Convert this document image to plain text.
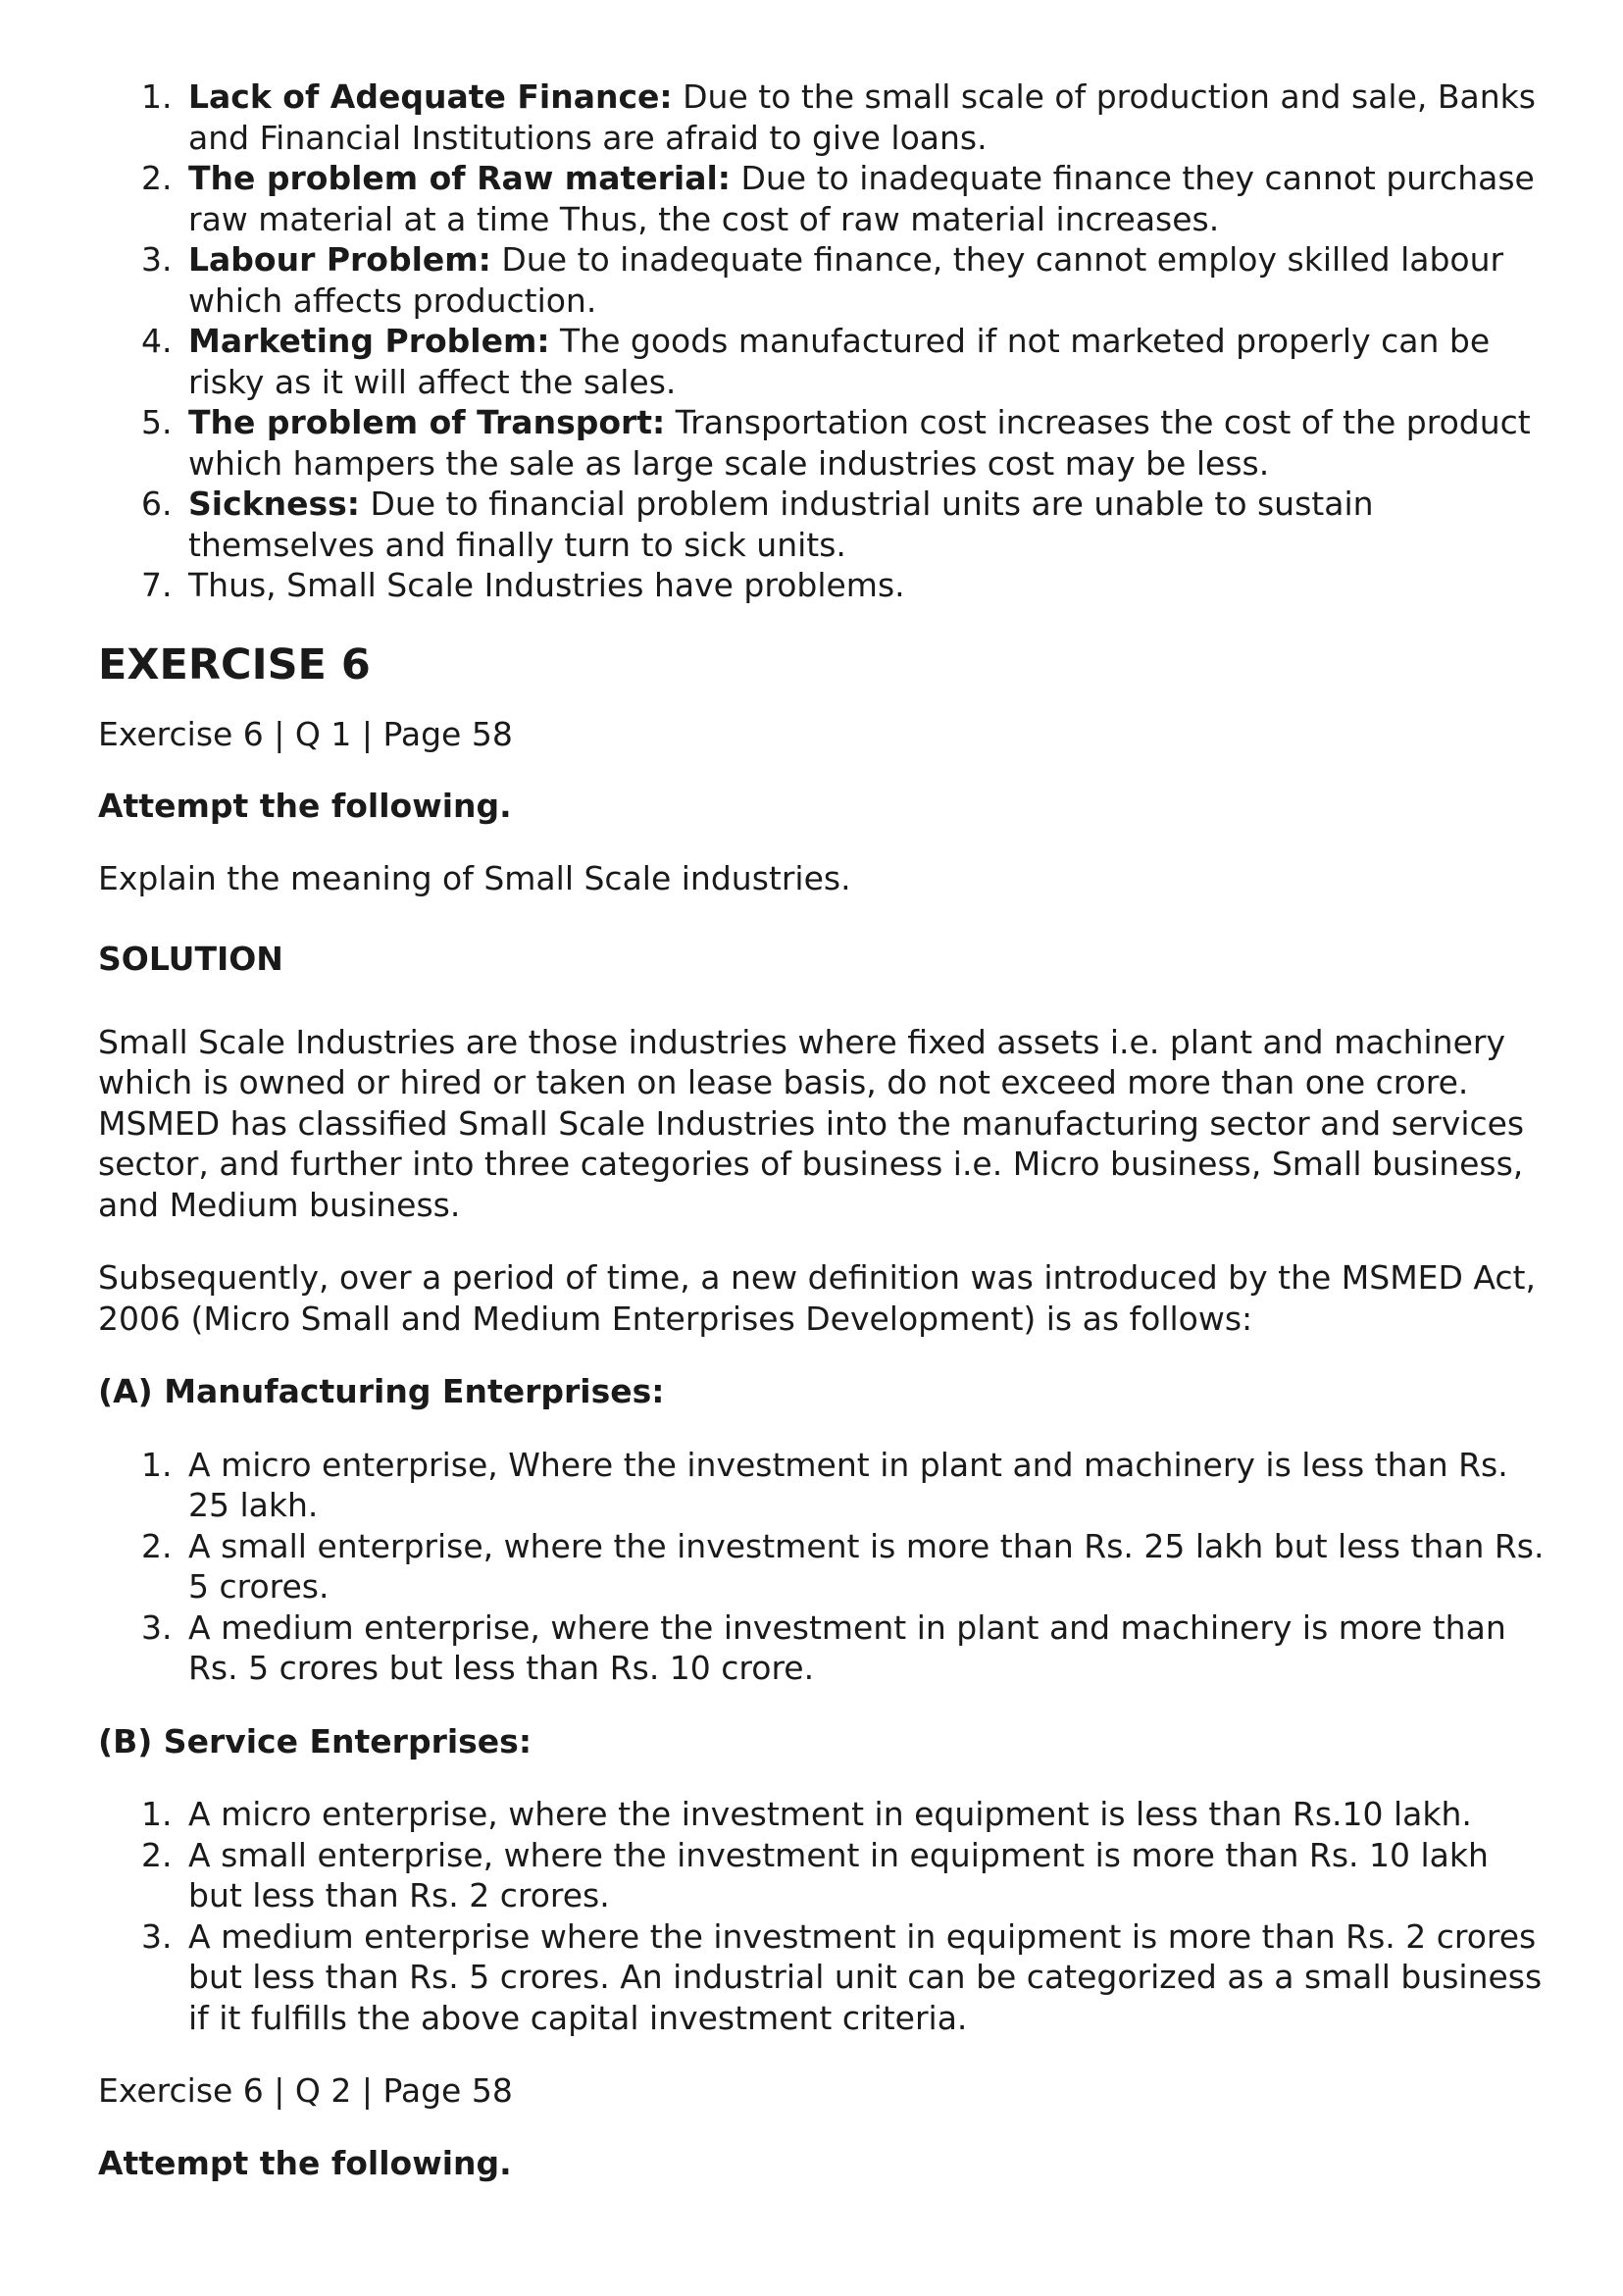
1. Lack of Adequate Finance: Due to the small scale of production and sale, Banks and Financial Institutions are afraid to give loans.
2. The problem of Raw material: Due to inadequate finance they cannot purchase raw material at a time Thus, the cost of raw material increases.
3. Labour Problem: Due to inadequate finance, they cannot employ skilled labour which affects production.
4. Marketing Problem: The goods manufactured if not marketed properly can be risky as it will affect the sales.
5. The problem of Transport: Transportation cost increases the cost of the product which hampers the sale as large scale industries cost may be less.
6. Sickness: Due to financial problem industrial units are unable to sustain themselves and finally turn to sick units.
7. Thus, Small Scale Industries have problems.
EXERCISE 6

Exercise 6 | Q 1 | Page 58

Attempt the following.

Explain the meaning of Small Scale industries.

SOLUTION

Small Scale Industries are those industries where fixed assets i.e. plant and machinery which is owned or hired or taken on lease basis, do not exceed more than one crore. MSMED has classified Small Scale Industries into the manufacturing sector and services sector, and further into three categories of business i.e. Micro business, Small business, and Medium business.

Subsequently, over a period of time, a new definition was introduced by the MSMED Act, 2006 (Micro Small and Medium Enterprises Development) is as follows:

(A) Manufacturing Enterprises:

1. A micro enterprise, Where the investment in plant and machinery is less than Rs. 25 lakh.
2. A small enterprise, where the investment is more than Rs. 25 lakh but less than Rs. 5 crores.
3. A medium enterprise, where the investment in plant and machinery is more than Rs. 5 crores but less than Rs. 10 crore.

(B) Service Enterprises:

1. A micro enterprise, where the investment in equipment is less than Rs.10 lakh.
2. A small enterprise, where the investment in equipment is more than Rs. 10 lakh but less than Rs. 2 crores.
3. A medium enterprise where the investment in equipment is more than Rs. 2 crores but less than Rs. 5 crores. An industrial unit can be categorized as a small business if it fulfills the above capital investment criteria.

Exercise 6 | Q 2 | Page 58

Attempt the following.
